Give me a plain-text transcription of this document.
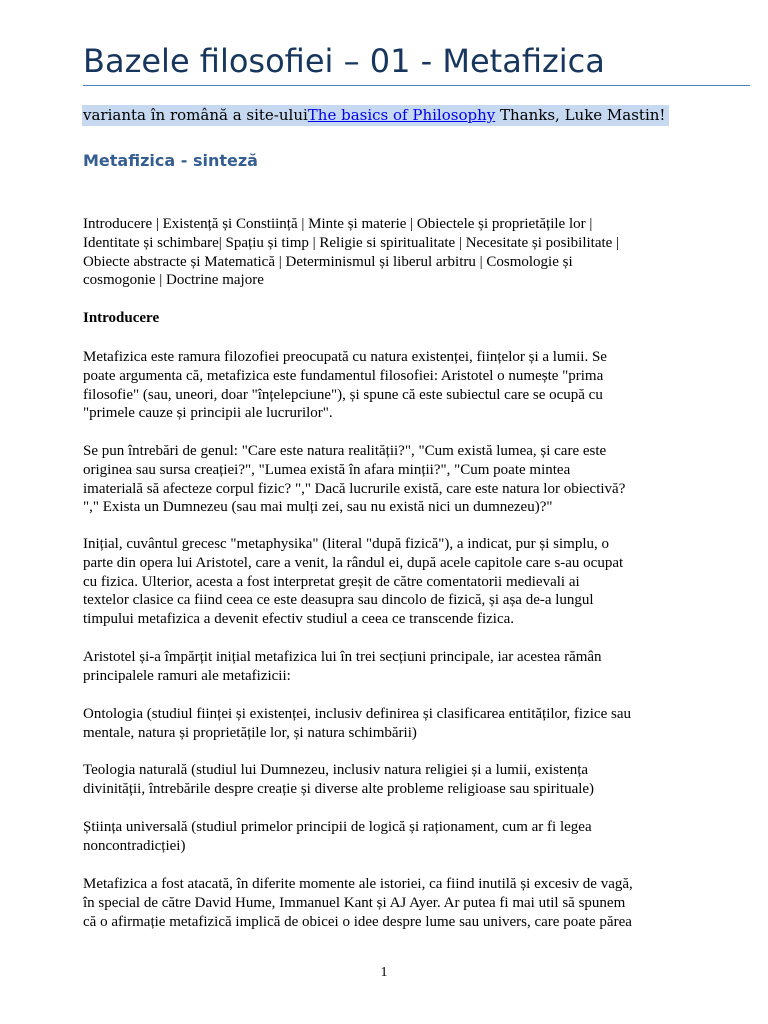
Bazele filosofiei – 01 - Metafizica
varianta în română a site-uluiThe basics of Philosophy Thanks, Luke Mastin!
Metafizica - sinteză

Introducere | Existență și Constiință | Minte și materie | Obiectele și proprietățile lor |
Identitate și schimbare| Spațiu și timp | Religie si spiritualitate | Necesitate și posibilitate |
Obiecte abstracte și Matematică | Determinismul și liberul arbitru | Cosmologie și
cosmogonie | Doctrine majore

Introducere

Metafizica este ramura filozofiei preocupată cu natura existenței, ființelor și a lumii. Se
poate argumenta că, metafizica este fundamentul filosofiei: Aristotel o numește "prima
filosofie" (sau, uneori, doar "înțelepciune"), și spune că este subiectul care se ocupă cu
"primele cauze și principii ale lucrurilor".

Se pun întrebări de genul: "Care este natura realității?", "Cum există lumea, și care este
originea sau sursa creației?", "Lumea există în afara minții?", "Cum poate mintea
imaterială să afecteze corpul fizic? "," Dacă lucrurile există, care este natura lor obiectivă?
"," Exista un Dumnezeu (sau mai mulți zei, sau nu există nici un dumnezeu)?"

Inițial, cuvântul grecesc "metaphysika" (literal "după fizică"), a indicat, pur și simplu, o
parte din opera lui Aristotel, care a venit, la rândul ei, după acele capitole care s-au ocupat
cu fizica. Ulterior, acesta a fost interpretat greșit de către comentatorii medievali ai
textelor clasice ca fiind ceea ce este deasupra sau dincolo de fizică, și așa de-a lungul
timpului metafizica a devenit efectiv studiul a ceea ce transcende fizica.

Aristotel și-a împărțit inițial metafizica lui în trei secțiuni principale, iar acestea rămân
principalele ramuri ale metafizicii:

Ontologia (studiul ființei și existenței, inclusiv definirea și clasificarea entităților, fizice sau
mentale, natura și proprietățile lor, și natura schimbării)

Teologia naturală (studiul lui Dumnezeu, inclusiv natura religiei și a lumii, existența
divinității, întrebările despre creație și diverse alte probleme religioase sau spirituale)

Știința universală (studiul primelor principii de logică și raționament, cum ar fi legea
noncontradicției)

Metafizica a fost atacată, în diferite momente ale istoriei, ca fiind inutilă și excesiv de vagă,
în special de către David Hume, Immanuel Kant și AJ Ayer. Ar putea fi mai util să spunem
că o afirmație metafizică implică de obicei o idee despre lume sau univers, care poate părea

1
